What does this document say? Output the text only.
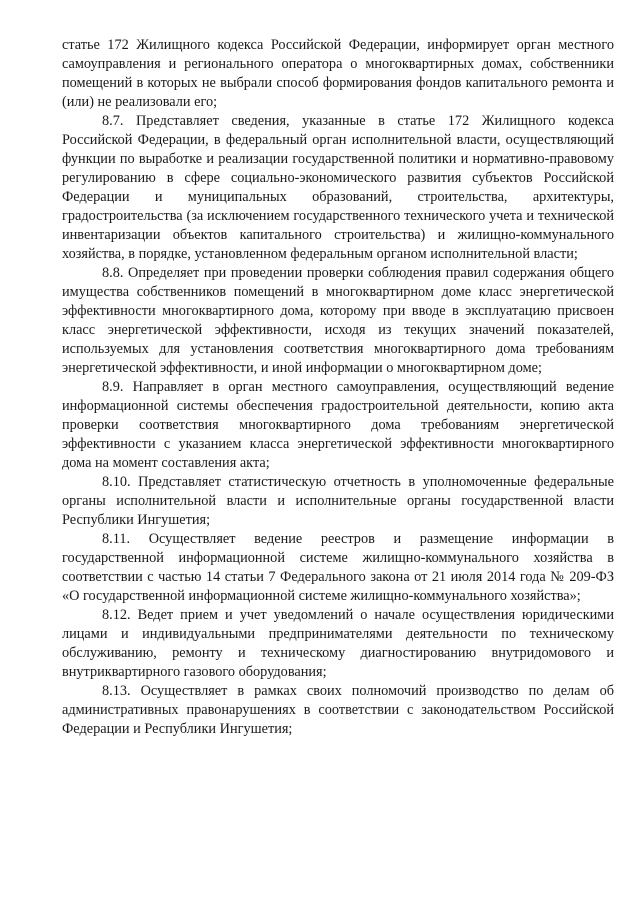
статье 172 Жилищного кодекса Российской Федерации, информирует орган местного самоуправления и регионального оператора о многоквартирных домах, собственники помещений в которых не выбрали способ формирования фондов капитального ремонта и (или) не реализовали его;

8.7. Представляет сведения, указанные в статье 172 Жилищного кодекса Российской Федерации, в федеральный орган исполнительной власти, осуществляющий функции по выработке и реализации государственной политики и нормативно-правовому регулированию в сфере социально-экономического развития субъектов Российской Федерации и муниципальных образований, строительства, архитектуры, градостроительства (за исключением государственного технического учета и технической инвентаризации объектов капитального строительства) и жилищно-коммунального хозяйства, в порядке, установленном федеральным органом исполнительной власти;

8.8. Определяет при проведении проверки соблюдения правил содержания общего имущества собственников помещений в многоквартирном доме класс энергетической эффективности многоквартирного дома, которому при вводе в эксплуатацию присвоен класс энергетической эффективности, исходя из текущих значений показателей, используемых для установления соответствия многоквартирного дома требованиям энергетической эффективности, и иной информации о многоквартирном доме;

8.9. Направляет в орган местного самоуправления, осуществляющий ведение информационной системы обеспечения градостроительной деятельности, копию акта проверки соответствия многоквартирного дома требованиям энергетической эффективности с указанием класса энергетической эффективности многоквартирного дома на момент составления акта;

8.10. Представляет статистическую отчетность в уполномоченные федеральные органы исполнительной власти и исполнительные органы государственной власти Республики Ингушетия;

8.11. Осуществляет ведение реестров и размещение информации в государственной информационной системе жилищно-коммунального хозяйства в соответствии с частью 14 статьи 7 Федерального закона от 21 июля 2014 года № 209-ФЗ «О государственной информационной системе жилищно-коммунального хозяйства»;

8.12. Ведет прием и учет уведомлений о начале осуществления юридическими лицами и индивидуальными предпринимателями деятельности по техническому обслуживанию, ремонту и техническому диагностированию внутридомового и внутриквартирного газового оборудования;

8.13. Осуществляет в рамках своих полномочий производство по делам об административных правонарушениях в соответствии с законодательством Российской Федерации и Республики Ингушетия;
